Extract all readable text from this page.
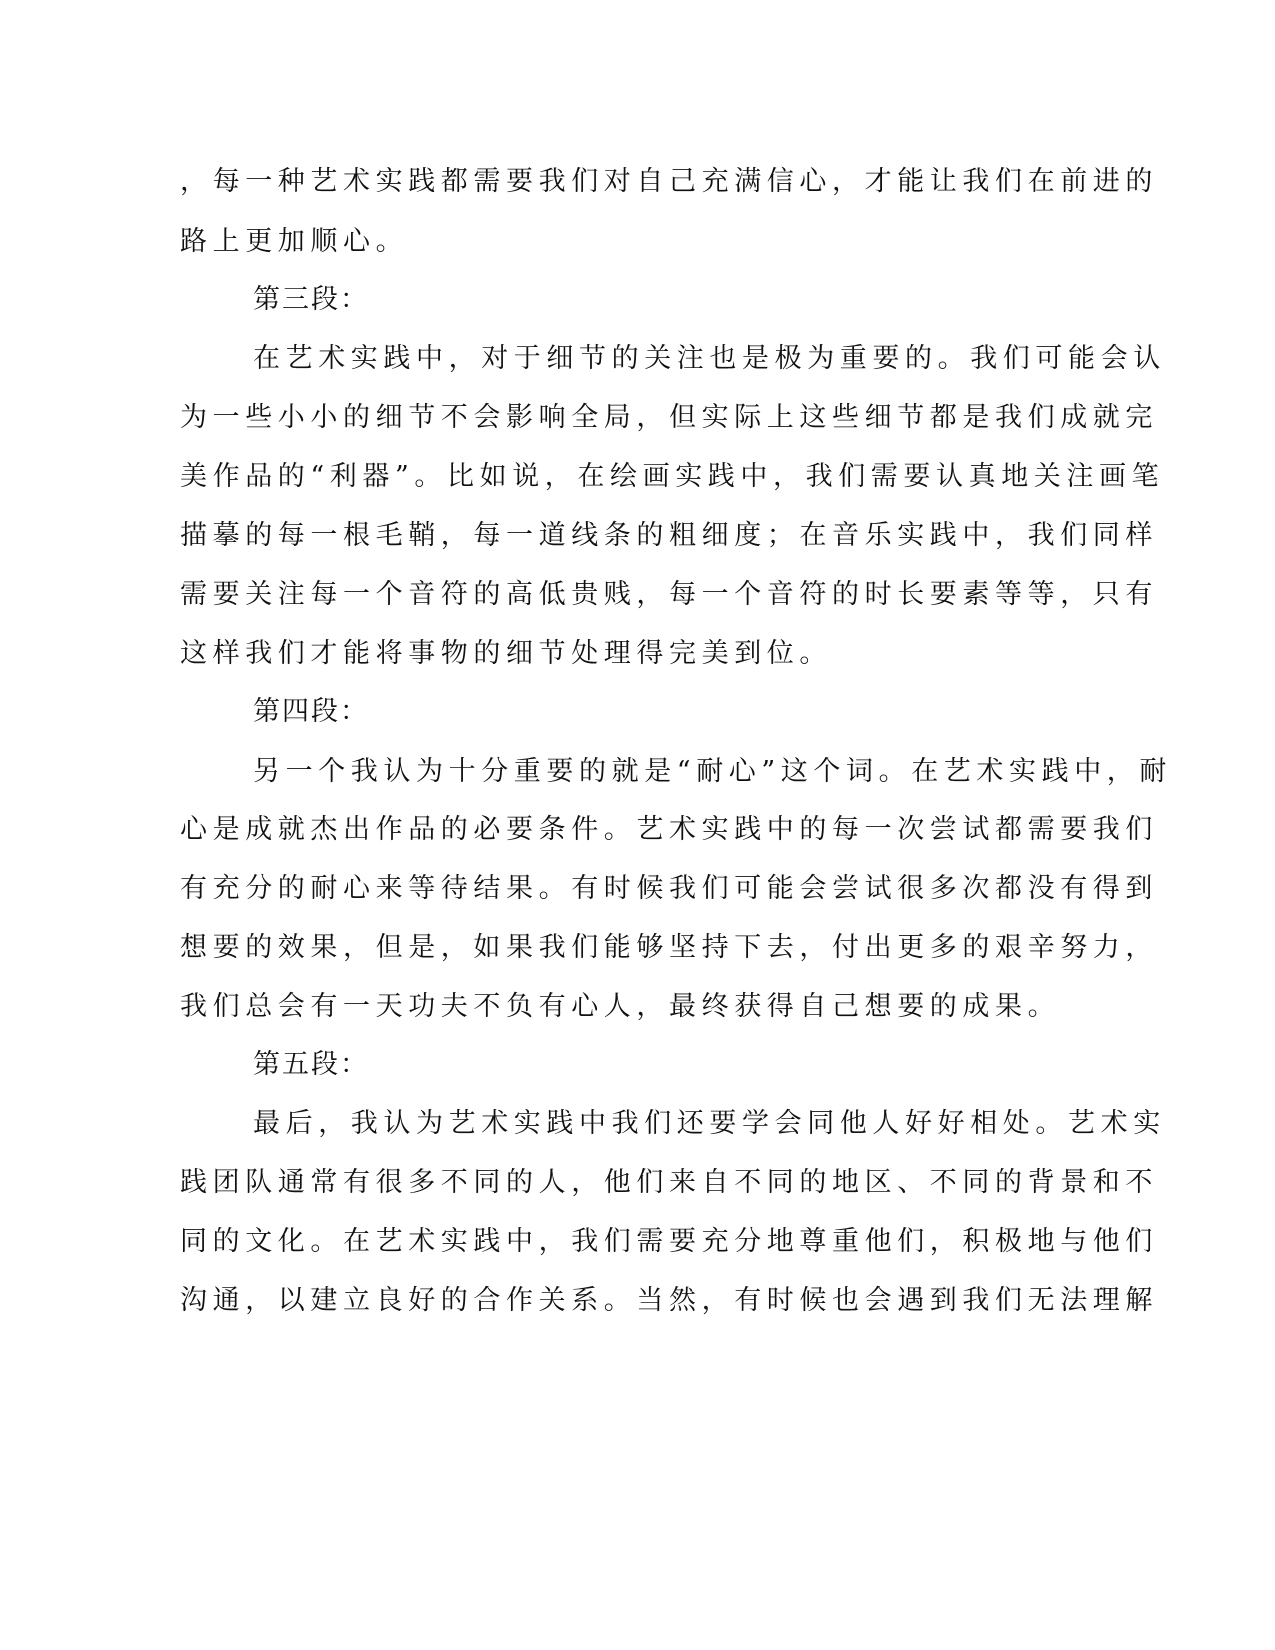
，每一种艺术实践都需要我们对自己充满信心，才能让我们在前进的
路上更加顺心。
第三段：
在艺术实践中，对于细节的关注也是极为重要的。我们可能会认
为一些小小的细节不会影响全局，但实际上这些细节都是我们成就完
美作品的“利器”。比如说，在绘画实践中，我们需要认真地关注画笔
描摹的每一根毛鞘，每一道线条的粗细度；在音乐实践中，我们同样
需要关注每一个音符的高低贵贱，每一个音符的时长要素等等，只有
这样我们才能将事物的细节处理得完美到位。
第四段：
另一个我认为十分重要的就是“耐心”这个词。在艺术实践中，耐
心是成就杰出作品的必要条件。艺术实践中的每一次尝试都需要我们
有充分的耐心来等待结果。有时候我们可能会尝试很多次都没有得到
想要的效果，但是，如果我们能够坚持下去，付出更多的艰辛努力，
我们总会有一天功夫不负有心人，最终获得自己想要的成果。
第五段：
最后，我认为艺术实践中我们还要学会同他人好好相处。艺术实
践团队通常有很多不同的人，他们来自不同的地区、不同的背景和不
同的文化。在艺术实践中，我们需要充分地尊重他们，积极地与他们
沟通，以建立良好的合作关系。当然，有时候也会遇到我们无法理解
